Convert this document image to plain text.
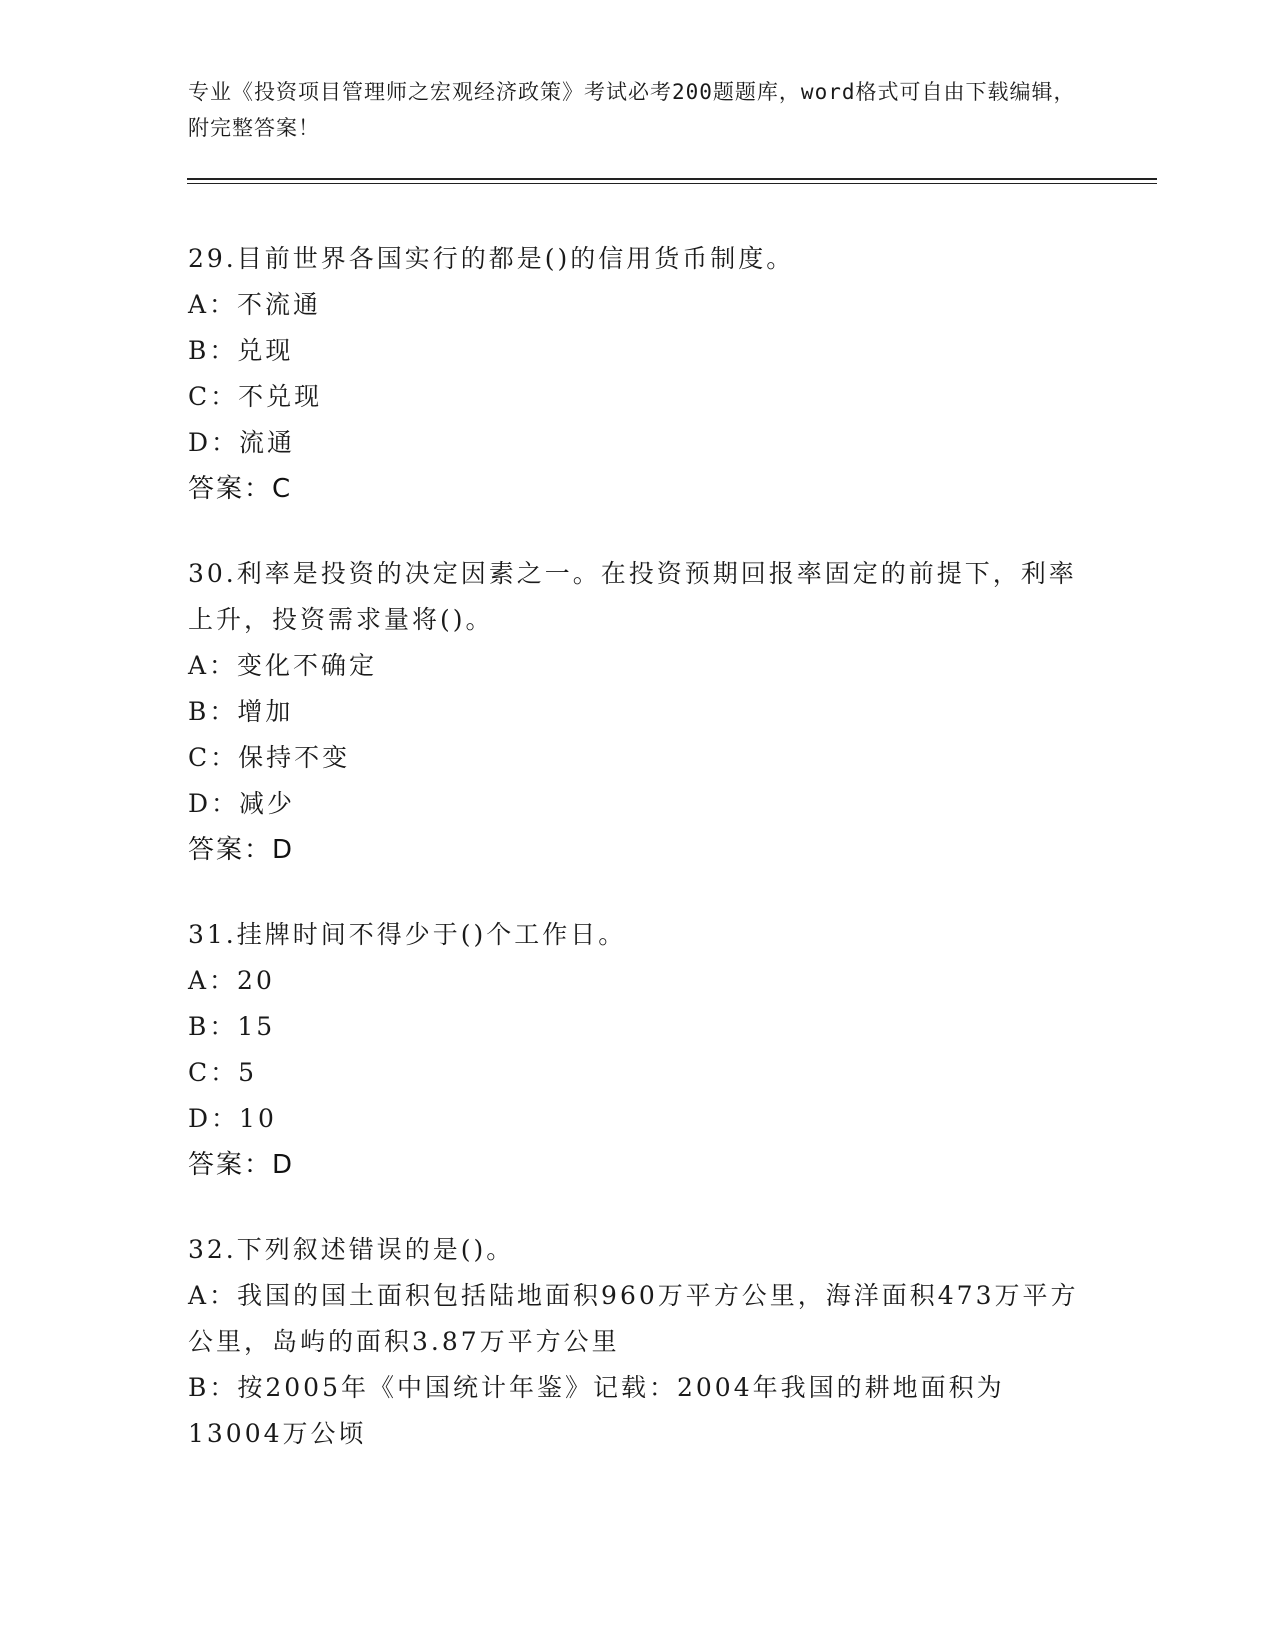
专业《投资项目管理师之宏观经济政策》考试必考200题题库，word格式可自由下载编辑，附完整答案！
29.目前世界各国实行的都是()的信用货币制度。
A：不流通
B：兑现
C：不兑现
D：流通
答案：C
30.利率是投资的决定因素之一。在投资预期回报率固定的前提下，利率上升，投资需求量将()。
A：变化不确定
B：增加
C：保持不变
D：减少
答案：D
31.挂牌时间不得少于()个工作日。
A：20
B：15
C：5
D：10
答案：D
32.下列叙述错误的是()。
A：我国的国土面积包括陆地面积960万平方公里，海洋面积473万平方公里，岛屿的面积3.87万平方公里
B：按2005年《中国统计年鉴》记载：2004年我国的耕地面积为13004万公顷
